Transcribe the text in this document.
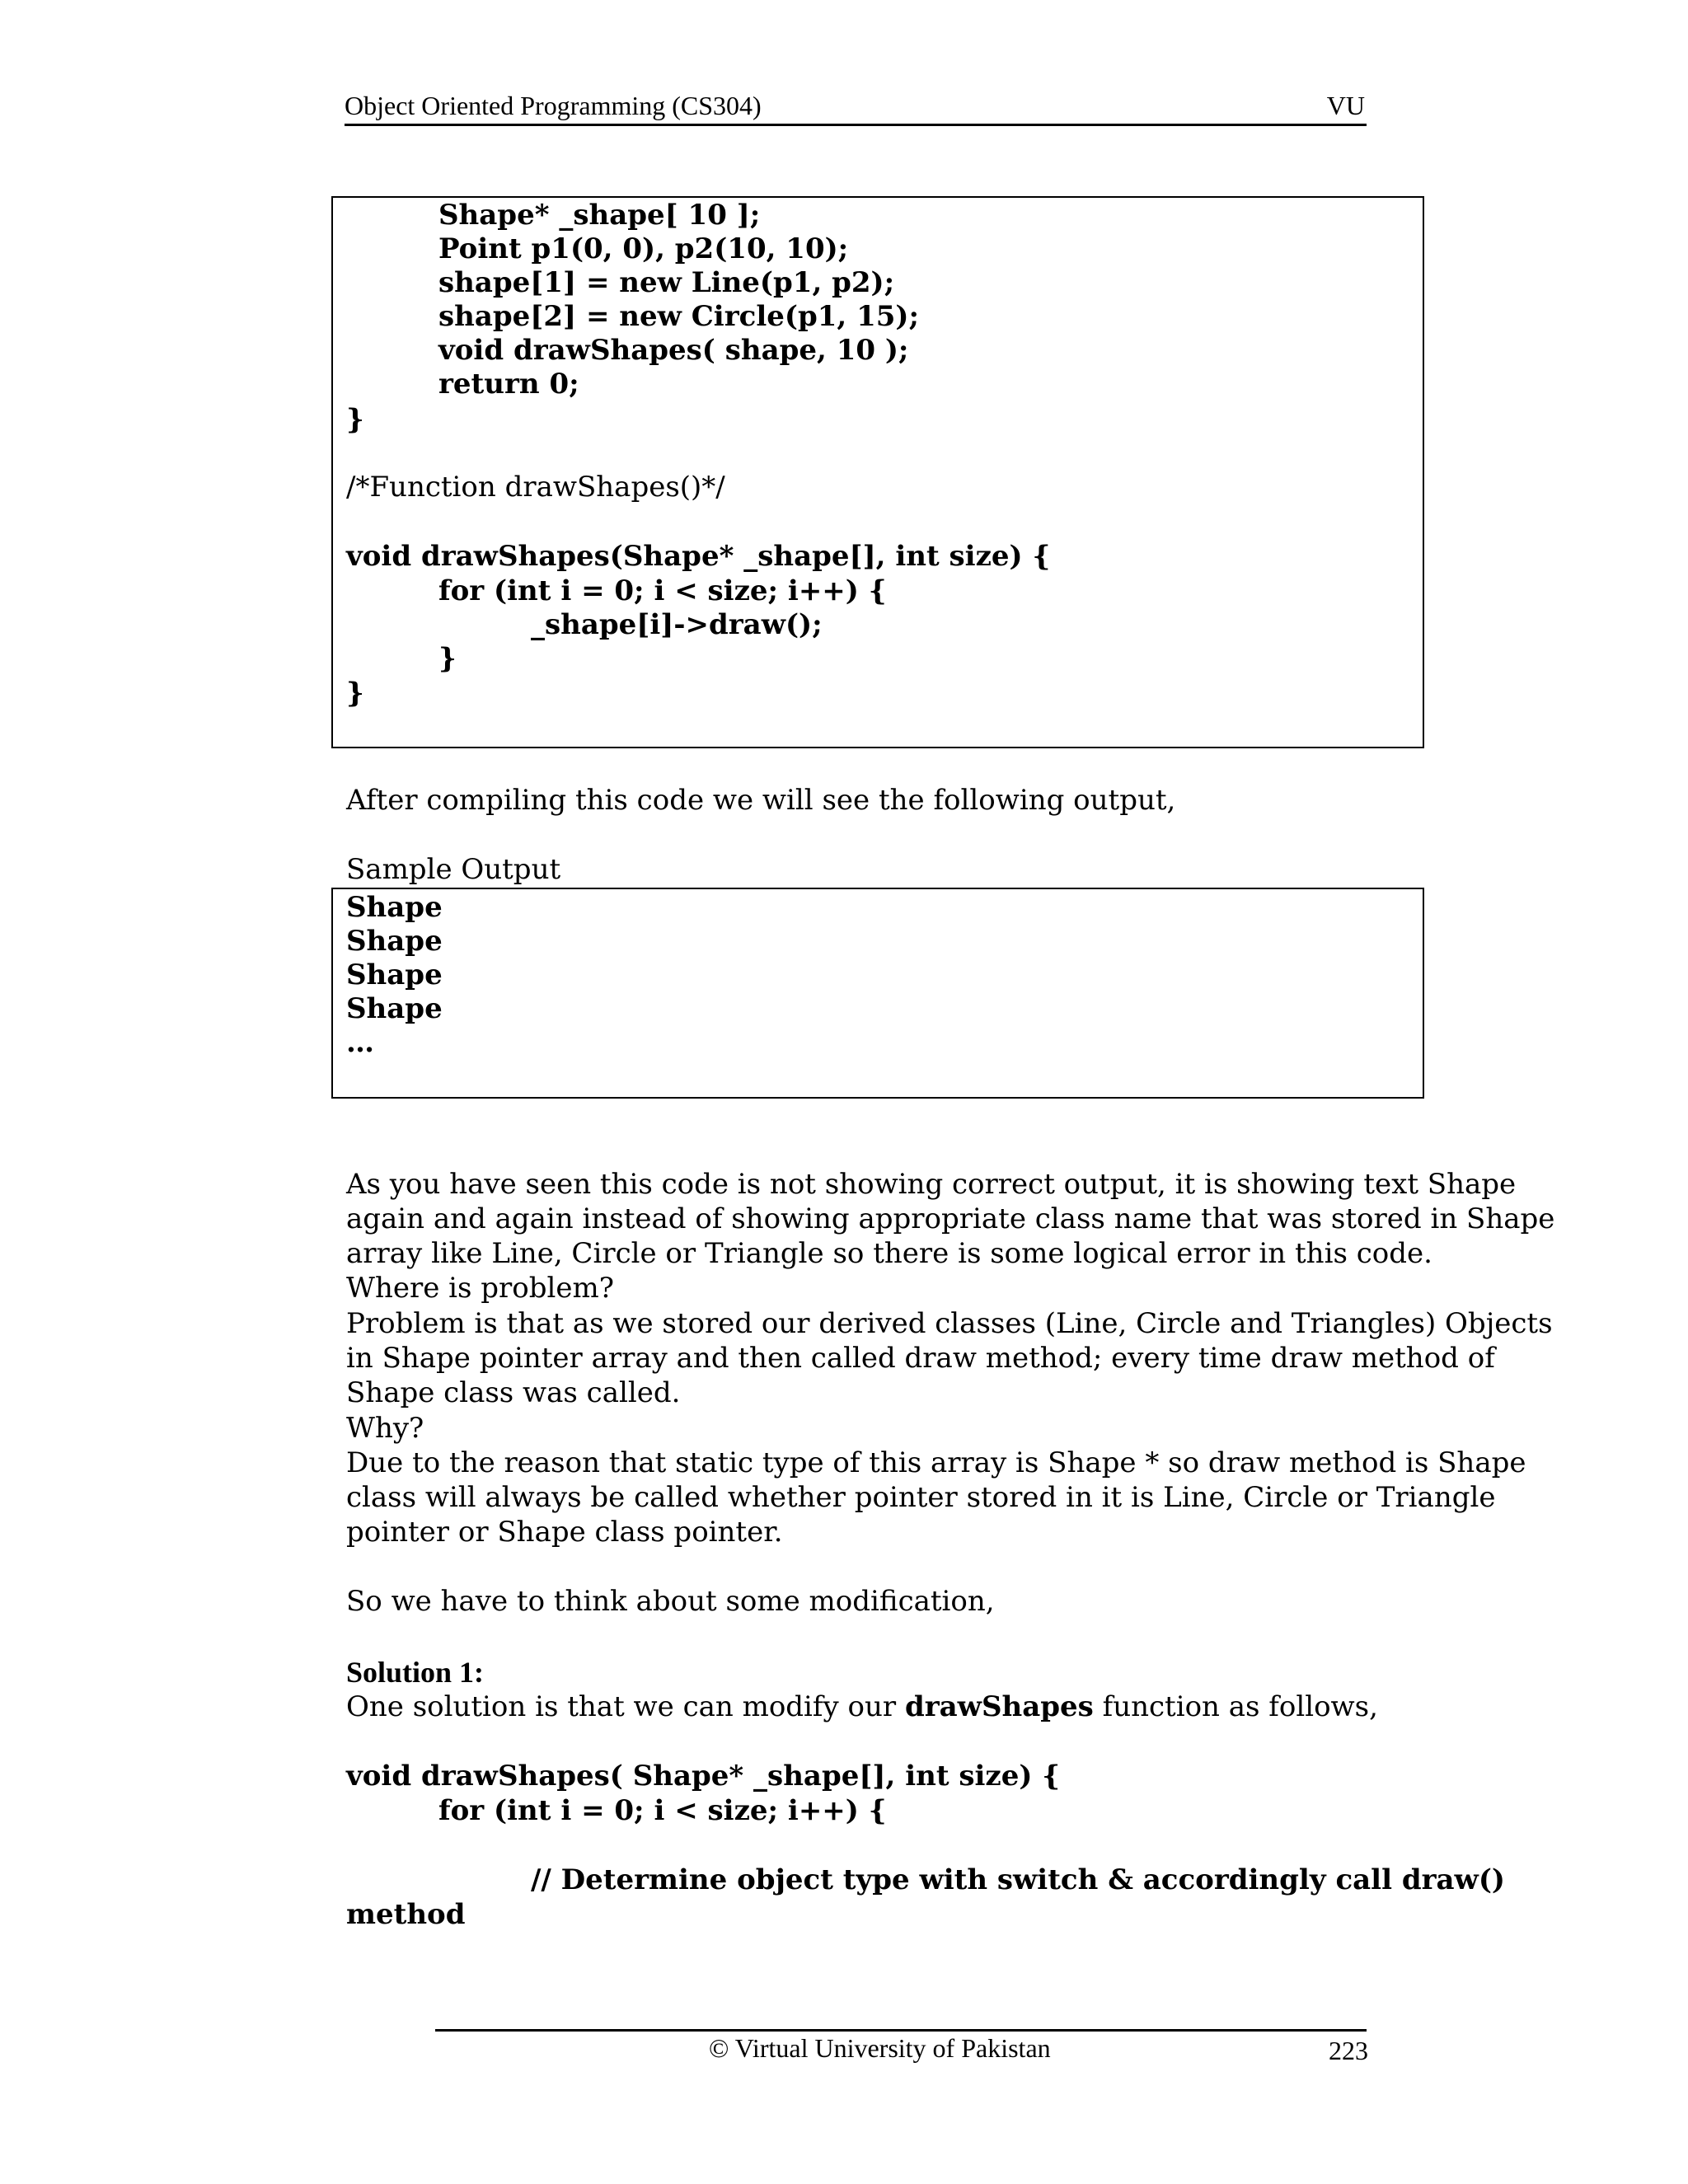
Object Oriented Programming (CS304)	VU
Shape* _shape[ 10 ];
Point p1(0, 0), p2(10, 10);
shape[1] = new Line(p1, p2);
shape[2] = new Circle(p1, 15);
void drawShapes( shape, 10 );
return 0;
}
/*Function drawShapes()*/
void drawShapes(Shape* _shape[], int size) {
for (int i = 0; i < size; i++) {
_shape[i]->draw();
}
}
After compiling this code we will see the following output,
Sample Output
Shape
Shape
Shape
Shape
…
As you have seen this code is not showing correct output, it is showing text Shape
again and again instead of showing appropriate class name that was stored in Shape
array like Line, Circle or Triangle so there is some logical error in this code.
Where is problem?
Problem is that as we stored our derived classes (Line, Circle and Triangles) Objects
in Shape pointer array and then called draw method; every time draw method of
Shape class was called.
Why?
Due to the reason that static type of this array is Shape * so draw method is Shape
class will always be called whether pointer stored in it is Line, Circle or Triangle
pointer or Shape class pointer.
So we have to think about some modification,
Solution 1:
One solution is that we can modify our drawShapes function as follows,
void drawShapes( Shape* _shape[], int size) {
for (int i = 0; i < size; i++) {
// Determine object type with switch & accordingly call draw()
method
© Virtual University of Pakistan	223
